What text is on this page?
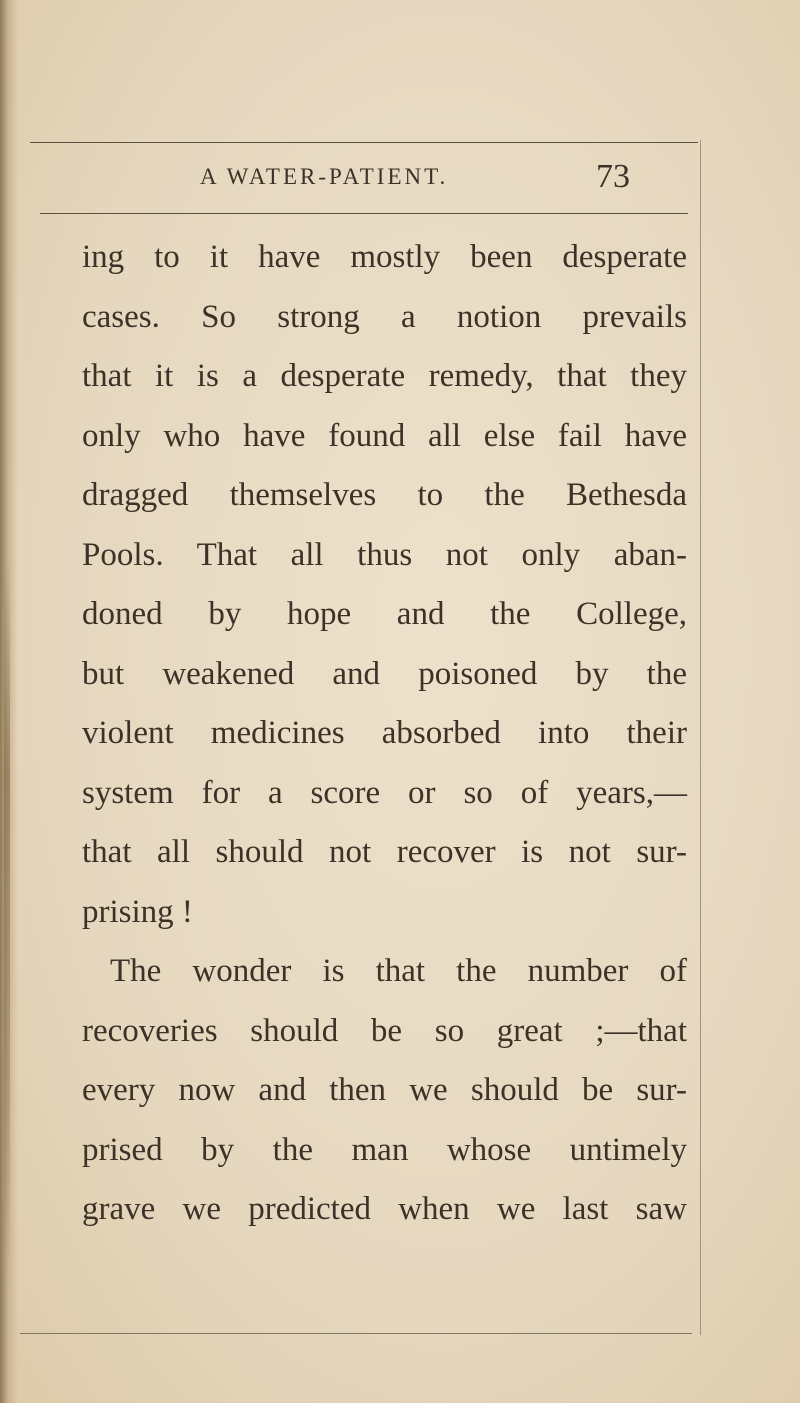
A WATER-PATIENT.	73
ing to it have mostly been desperate
cases. So strong a notion prevails
that it is a desperate remedy, that they
only who have found all else fail have
dragged themselves to the Bethesda
Pools. That all thus not only aban-
doned by hope and the College,
but weakened and poisoned by the
violent medicines absorbed into their
system for a score or so of years,—
that all should not recover is not sur-
prising !
The wonder is that the number of
recoveries should be so great ;—that
every now and then we should be sur-
prised by the man whose untimely
grave we predicted when we last saw
